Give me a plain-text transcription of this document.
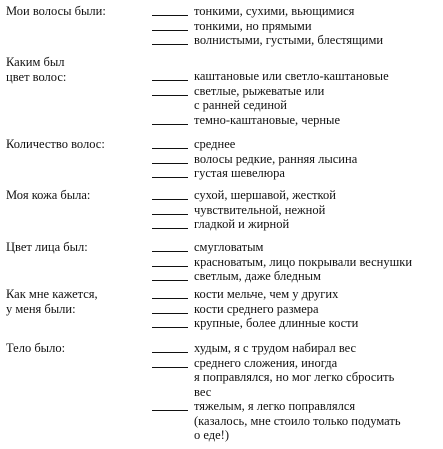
Мои волосы были:	тонкими, сухими, вьющимися
тонкими, но прямыми
волнистыми, густыми, блестящими
Каким был
цвет волос:	каштановые или светло-каштановые
светлые, рыжеватые или
с ранней сединой
темно-каштановые, черные
Количество волос:	среднее
волосы редкие, ранняя лысина
густая шевелюра
Моя кожа была:	сухой, шершавой, жесткой
чувствительной, нежной
гладкой и жирной
Цвет лица был:	смугловатым
красноватым, лицо покрывали веснушки
светлым, даже бледным
Как мне кажется,
у меня были:
кости мельче, чем у других
кости среднего размера
крупные, более длинные кости
Тело было:	худым, я с трудом набирал вес
среднего сложения, иногда
я поправлялся, но мог легко сбросить
вес
тяжелым, я легко поправлялся
(казалось, мне стоило только подумать
о еде!)
